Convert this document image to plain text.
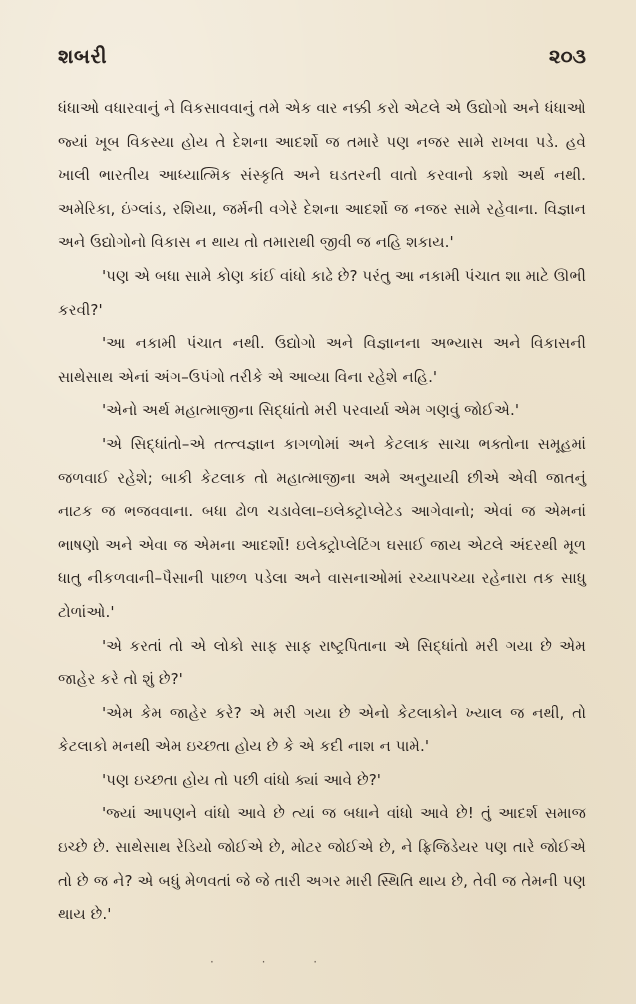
શબરી	૨૦૩

ધંધાઓ વધારવાનું ને વિકસાવવાનું તમે એક વાર નક્કી કરો એટલે એ ઉદ્યોગો અને ધંધાઓ જ્યાં ખૂબ વિકસ્યા હોય તે દેશના આદર્શો જ તમારે પણ નજર સામે રાખવા પડે. હવે ખાલી ભારતીય આધ્યાત્મિક સંસ્કૃતિ અને ઘડતરની વાતો કરવાનો કશો અર્થ નથી. અમેરિકા, ઇંગ્લાંડ, રશિયા, જર્મની વગેરે દેશના આદર્શો જ નજર સામે રહેવાના. વિજ્ઞાન અને ઉદ્યોગોનો વિકાસ ન થાય તો તમારાથી જીવી જ નહિ શકાય.'

'પણ એ બધા સામે કોણ કાંઈ વાંધો કાઢે છે? પરંતુ આ નકામી પંચાત શા માટે ઊભી કરવી?'

'આ નકામી પંચાત નથી. ઉદ્યોગો અને વિજ્ઞાનના અભ્યાસ અને વિકાસની સાથેસાથ એનાં અંગ–ઉપંગો તરીકે એ આવ્યા વિના રહેશે નહિ.'

'એનો અર્થ મહાત્માજીના સિદ્ધાંતો મરી પરવાર્યા એમ ગણવું જોઈએ.'

'એ સિદ્ધાંતો–એ તત્ત્વજ્ઞાન કાગળોમાં અને કેટલાક સાચા ભક્તોના સમૂહમાં જળવાઈ રહેશે; બાકી કેટલાક તો મહાત્માજીના અમે અનુયાયી છીએ એવી જાતનું નાટક જ ભજવવાના. બધા ઢોળ ચડાવેલા–ઇલેક્ટ્રોપ્લેટેડ આગેવાનો; એવાં જ એમનાં ભાષણો અને એવા જ એમના આદર્શો! ઇલેક્ટ્રોપ્લેટિંગ ઘસાઈ જાય એટલે અંદરથી મૂળ ધાતુ નીકળવાની–પૈસાની પાછળ પડેલા અને વાસનાઓમાં રચ્યાપચ્યા રહેનારા તક સાધુ ટોળાંઓ.'

'એ કરતાં તો એ લોકો સાફ સાફ રાષ્ટ્રપિતાના એ સિદ્ધાંતો મરી ગયા છે એમ જાહેર કરે તો શું છે?'

'એમ કેમ જાહેર કરે? એ મરી ગયા છે એનો કેટલાકોને ખ્યાલ જ નથી, તો કેટલાકો મનથી એમ ઇચ્છતા હોય છે કે એ કદી નાશ ન પામે.'

'પણ ઇચ્છતા હોય તો પછી વાંધો ક્યાં આવે છે?'

'જ્યાં આપણને વાંધો આવે છે ત્યાં જ બધાને વાંધો આવે છે! તું આદર્શ સમાજ ઇચ્છે છે. સાથેસાથ રેડિયો જોઈએ છે, મોટર જોઈએ છે, ને ફ્રિજિડેયર પણ તારે જોઈએ તો છે જ ને? એ બધું મેળવતાં જે જે તારી અગર મારી સ્થિતિ થાય છે, તેવી જ તેમની પણ થાય છે.'

· · ·
